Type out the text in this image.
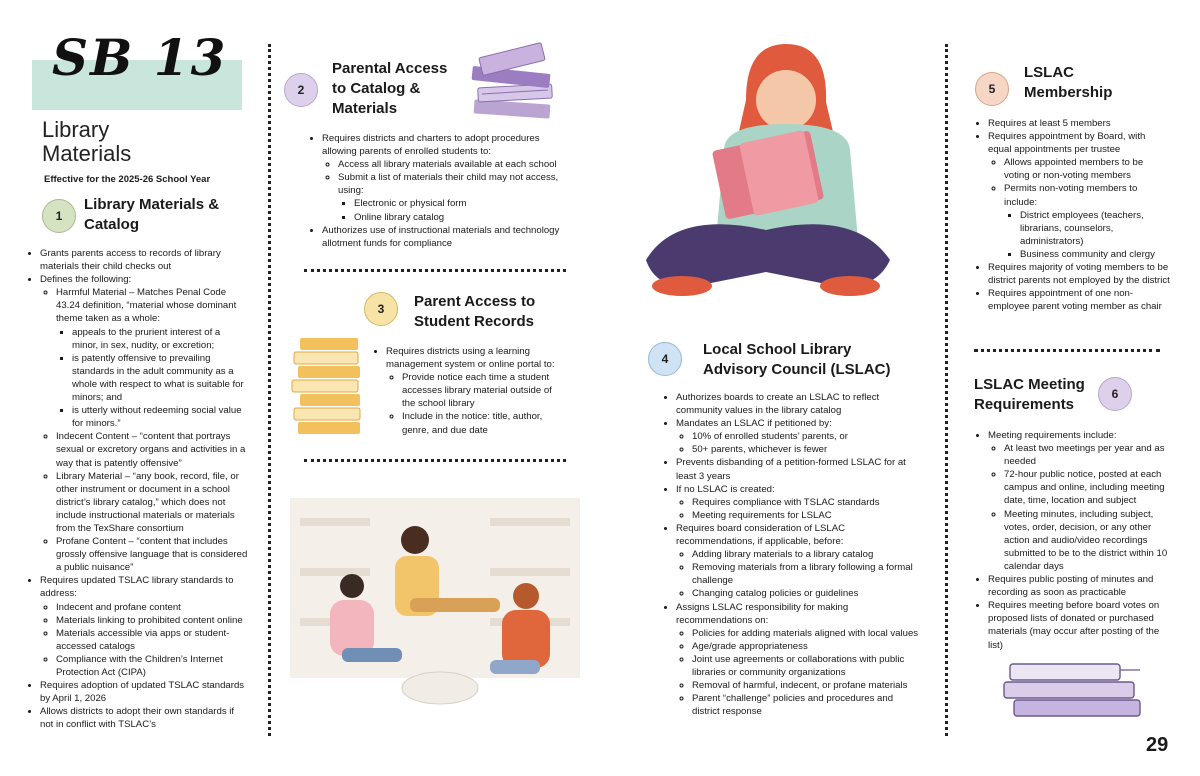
SB 13
Library Materials
Effective for the 2025-26 School Year
1
Library Materials & Catalog
• Grants parents access to records of library materials their child checks out
• Defines the following:
◦ Harmful Material – Matches Penal Code 43.24 definition, “material whose dominant theme taken as a whole:
▪ appeals to the prurient interest of a minor, in sex, nudity, or excretion;
▪ is patently offensive to prevailing standards in the adult community as a whole with respect to what is suitable for minors; and
▪ is utterly without redeeming social value for minors.”
◦ Indecent Content – “content that portrays sexual or excretory organs and activities in a way that is patently offensive”
◦ Library Material – “any book, record, file, or other instrument or document in a school district’s library catalog,” which does not include instructional materials or materials from the TexShare consortium
◦ Profane Content – “content that includes grossly offensive language that is considered a public nuisance”
• Requires updated TSLAC library standards to address:
◦ Indecent and profane content
◦ Materials linking to prohibited content online
◦ Materials accessible via apps or student-accessed catalogs
◦ Compliance with the Children’s Internet Protection Act (CIPA)
• Requires adoption of updated TSLAC standards by April 1, 2026
• Allows districts to adopt their own standards if not in conflict with TSLAC’s
2
Parental Access to Catalog & Materials
• Requires districts and charters to adopt procedures allowing parents of enrolled students to:
◦ Access all library materials available at each school
◦ Submit a list of materials their child may not access, using:
▪ Electronic or physical form
▪ Online library catalog
• Authorizes use of instructional materials and technology allotment funds for compliance
3	Parent Access to Student Records
• Requires districts using a learning management system or online portal to:
◦ Provide notice each time a student accesses library material outside of the school library
◦ Include in the notice: title, author, genre, and due date
4
Local School Library Advisory Council (LSLAC)
• Authorizes boards to create an LSLAC to reflect community values in the library catalog
• Mandates an LSLAC if petitioned by:
◦ 10% of enrolled students’ parents, or
◦ 50+ parents, whichever is fewer
• Prevents disbanding of a petition-formed LSLAC for at least 3 years
• If no LSLAC is created:
◦ Requires compliance with TSLAC standards
◦ Meeting requirements for LSLAC
• Requires board consideration of LSLAC recommendations, if applicable, before:
◦ Adding library materials to a library catalog
◦ Removing materials from a library following a formal challenge
◦ Changing catalog policies or guidelines
• Assigns LSLAC responsibility for making recommendations on:
◦ Policies for adding materials aligned with local values
◦ Age/grade appropriateness
◦ Joint use agreements or collaborations with public libraries or community organizations
◦ Removal of harmful, indecent, or profane materials
◦ Parent “challenge” policies and procedures and district response
5
LSLAC Membership
• Requires at least 5 members
• Requires appointment by Board, with equal appointments per trustee
◦ Allows appointed members to be voting or non-voting members
◦ Permits non-voting members to include:
▪ District employees (teachers, librarians, counselors, administrators)
▪ Business community and clergy
• Requires majority of voting members to be district parents not employed by the district
• Requires appointment of one non-employee parent voting member as chair
LSLAC Meeting Requirements
6
• Meeting requirements include:
◦ At least two meetings per year and as needed
◦ 72-hour public notice, posted at each campus and online, including meeting date, time, location and subject
◦ Meeting minutes, including subject, votes, order, decision, or any other action and audio/video recordings submitted to be to the district within 10 calendar days
• Requires public posting of minutes and recording as soon as practicable
• Requires meeting before board votes on proposed lists of donated or purchased materials (may occur after posting of the list)
29
